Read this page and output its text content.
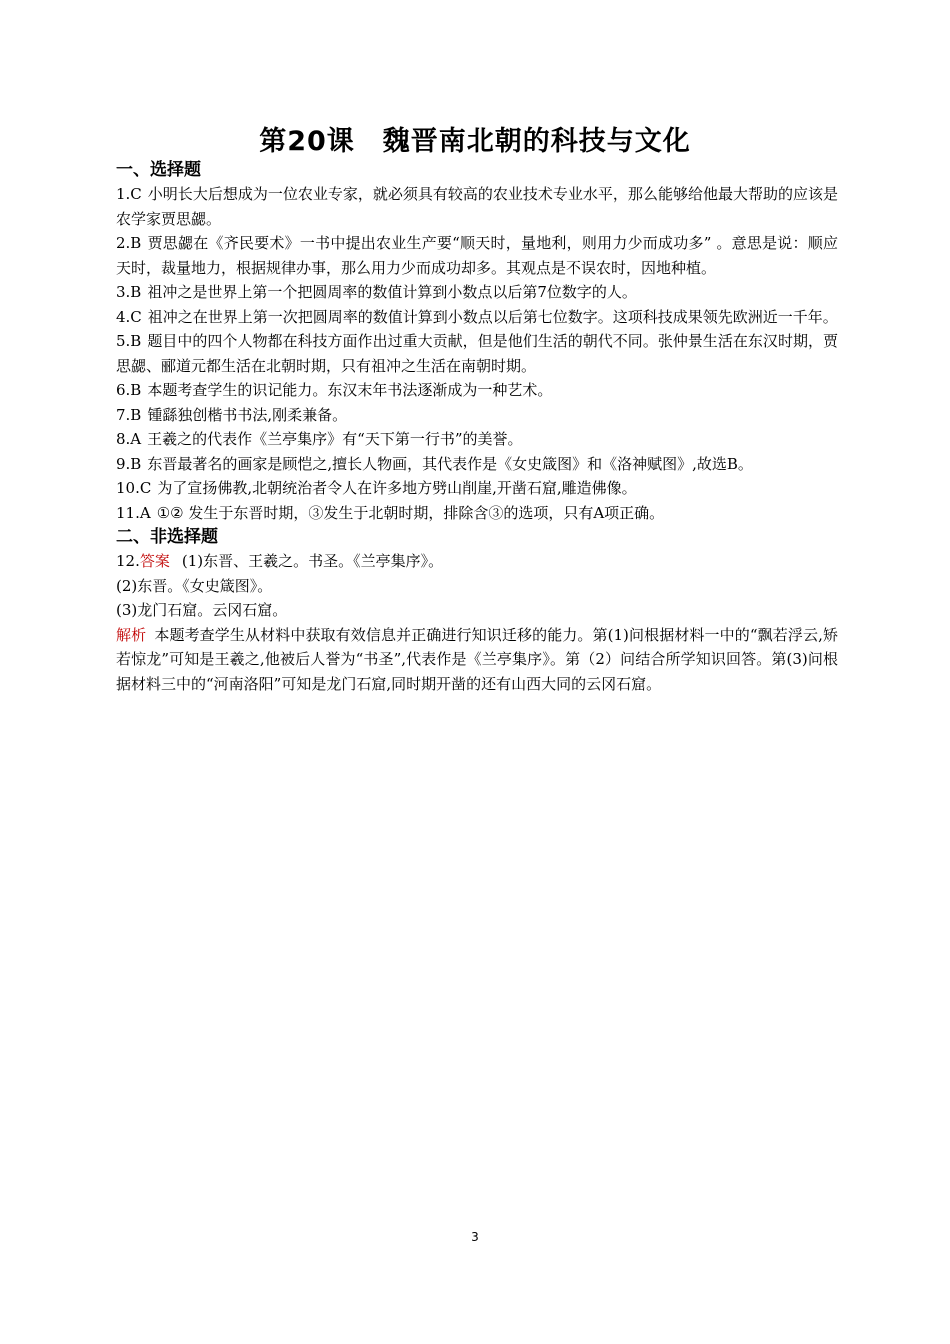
第20课　魏晋南北朝的科技与文化
一、选择题

1.C 小明长大后想成为一位农业专家，就必须具有较高的农业技术专业水平，那么能够给他最大帮助的应该是农学家贾思勰。

2.B 贾思勰在《齐民要术》一书中提出农业生产要“顺天时，量地利，则用力少而成功多” 。意思是说：顺应天时，裁量地力，根据规律办事，那么用力少而成功却多。其观点是不误农时，因地种植。

3.B 祖冲之是世界上第一个把圆周率的数值计算到小数点以后第7位数字的人。

4.C 祖冲之在世界上第一次把圆周率的数值计算到小数点以后第七位数字。这项科技成果领先欧洲近一千年。

5.B 题目中的四个人物都在科技方面作出过重大贡献，但是他们生活的朝代不同。张仲景生活在东汉时期，贾思勰、郦道元都生活在北朝时期，只有祖冲之生活在南朝时期。

6.B 本题考查学生的识记能力。东汉末年书法逐渐成为一种艺术。

7.B 锺繇独创楷书书法,刚柔兼备。

8.A 王羲之的代表作《兰亭集序》有“天下第一行书”的美誉。

9.B 东晋最著名的画家是顾恺之,擅长人物画，其代表作是《女史箴图》和《洛神赋图》,故选B。

10.C 为了宣扬佛教,北朝统治者令人在许多地方劈山削崖,开凿石窟,雕造佛像。

11.A ①② 发生于东晋时期，③发生于北朝时期，排除含③的选项，只有A项正确。

二、非选择题

12.答案 (1)东晋、王羲之。书圣。《兰亭集序》。

(2)东晋。《女史箴图》。

(3)龙门石窟。云冈石窟。

解析 本题考查学生从材料中获取有效信息并正确进行知识迁移的能力。第(1)问根据材料一中的“飘若浮云,矫若惊龙”可知是王羲之,他被后人誉为“书圣”,代表作是《兰亭集序》。第（2）问结合所学知识回答。第(3)问根据材料三中的“河南洛阳”可知是龙门石窟,同时期开凿的还有山西大同的云冈石窟。

3
